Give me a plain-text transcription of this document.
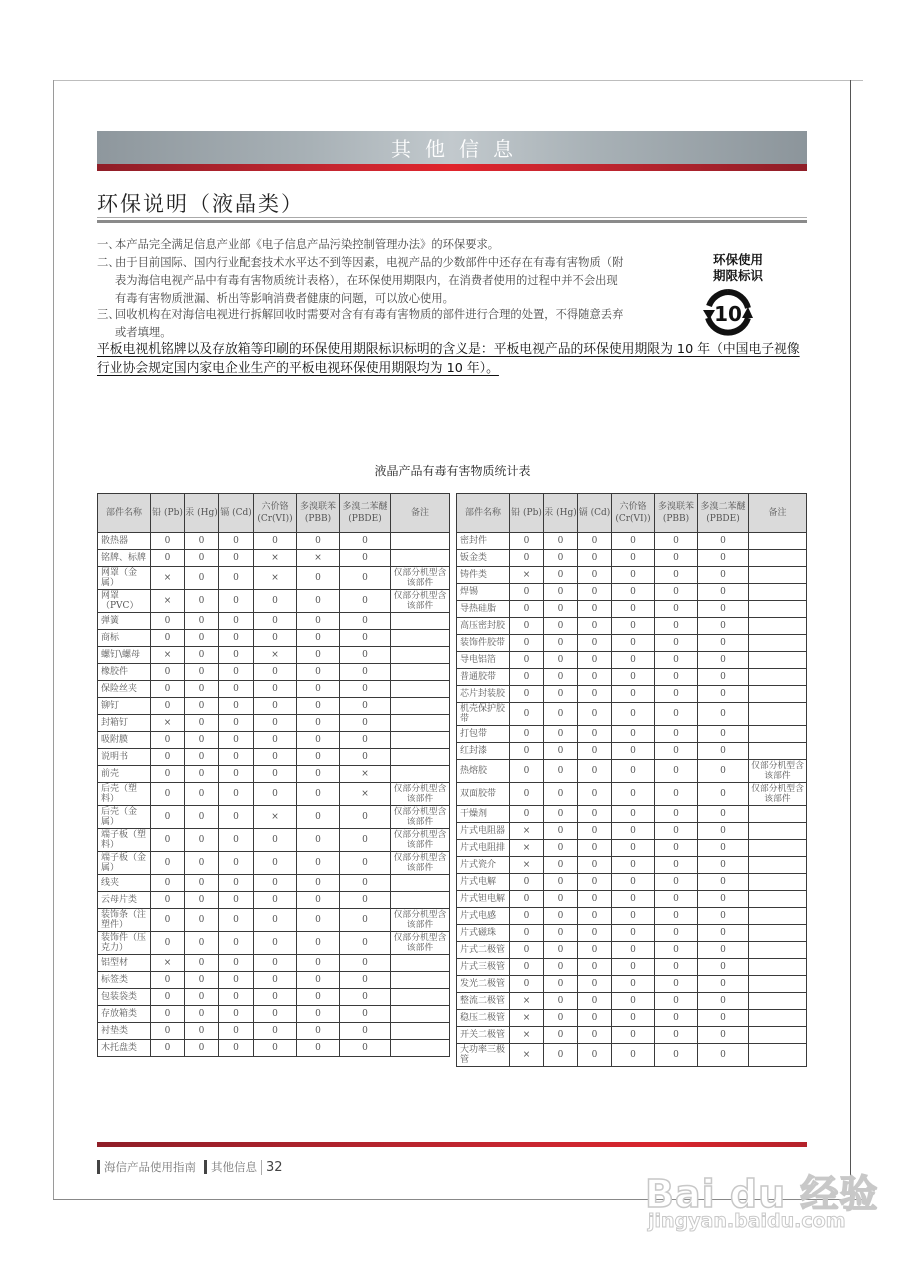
其他信息
环保说明（液晶类）
一、本产品完全满足信息产业部《电子信息产品污染控制管理办法》的环保要求。
二、由于目前国际、国内行业配套技术水平达不到等因素，电视产品的少数部件中还存在有毒有害物质（附
表为海信电视产品中有毒有害物质统计表格），在环保使用期限内，在消费者使用的过程中并不会出现
有毒有害物质泄漏、析出等影响消费者健康的问题，可以放心使用。
三、回收机构在对海信电视进行拆解回收时需要对含有有毒有害物质的部件进行合理的处置，不得随意丢弃
或者填埋。
环保使用
期限标识
10
平板电视机铭牌以及存放箱等印刷的环保使用期限标识标明的含义是：平板电视产品的环保使用期限为 10 年（中国电子视像行业协会规定国内家电企业生产的平板电视环保使用期限均为 10 年）。
液晶产品有毒有害物质统计表
部件名称	铅 (Pb)	汞 (Hg)	镉 (Cd)	六价铬 (Cr(VI))	多溴联苯 (PBB)	多溴二苯醚 (PBDE)	备注
散热器	0	0	0	0	0	0	
铭牌、标牌	0	0	0	×	×	0	
网罩（金属）	×	0	0	×	0	0	仅部分机型含该部件
网罩（PVC）	×	0	0	0	0	0	仅部分机型含该部件
弹簧	0	0	0	0	0	0	
商标	0	0	0	0	0	0	
螺钉\螺母	×	0	0	×	0	0	
橡胶件	0	0	0	0	0	0	
保险丝夹	0	0	0	0	0	0	
铆钉	0	0	0	0	0	0	
封箱钉	×	0	0	0	0	0	
吸附膜	0	0	0	0	0	0	
说明书	0	0	0	0	0	0	
前壳	0	0	0	0	0	×	
后壳（塑料）	0	0	0	0	0	×	仅部分机型含该部件
后壳（金属）	0	0	0	×	0	0	仅部分机型含该部件
端子板（塑料）	0	0	0	0	0	0	仅部分机型含该部件
端子板（金属）	0	0	0	0	0	0	仅部分机型含该部件
线夹	0	0	0	0	0	0	
云母片类	0	0	0	0	0	0	
装饰条（注塑件）	0	0	0	0	0	0	仅部分机型含该部件
装饰件（压克力）	0	0	0	0	0	0	仅部分机型含该部件
铝型材	×	0	0	0	0	0	
标签类	0	0	0	0	0	0	
包装袋类	0	0	0	0	0	0	
存放箱类	0	0	0	0	0	0	
衬垫类	0	0	0	0	0	0	
木托盘类	0	0	0	0	0	0	
部件名称	铅 (Pb)	汞 (Hg)	镉 (Cd)	六价铬 (Cr(VI))	多溴联苯 (PBB)	多溴二苯醚 (PBDE)	备注
密封件	0	0	0	0	0	0	
钣金类	0	0	0	0	0	0	
铸件类	×	0	0	0	0	0	
焊锡	0	0	0	0	0	0	
导热硅脂	0	0	0	0	0	0	
高压密封胶	0	0	0	0	0	0	
装饰件胶带	0	0	0	0	0	0	
导电铝箔	0	0	0	0	0	0	
普通胶带	0	0	0	0	0	0	
芯片封装胶	0	0	0	0	0	0	
机壳保护胶带	0	0	0	0	0	0	
打包带	0	0	0	0	0	0	
红封漆	0	0	0	0	0	0	
热熔胶	0	0	0	0	0	0	仅部分机型含该部件
双面胶带	0	0	0	0	0	0	仅部分机型含该部件
干燥剂	0	0	0	0	0	0	
片式电阻器	×	0	0	0	0	0	
片式电阻排	×	0	0	0	0	0	
片式瓷介	×	0	0	0	0	0	
片式电解	0	0	0	0	0	0	
片式钽电解	0	0	0	0	0	0	
片式电感	0	0	0	0	0	0	
片式磁珠	0	0	0	0	0	0	
片式二极管	0	0	0	0	0	0	
片式三极管	0	0	0	0	0	0	
发光二极管	0	0	0	0	0	0	
整流二极管	×	0	0	0	0	0	
稳压二极管	×	0	0	0	0	0	
开关二极管	×	0	0	0	0	0	
大功率三极管	×	0	0	0	0	0	
海信产品使用指南 其他信息 32
Bai du 经验
jingyan.baidu.com
